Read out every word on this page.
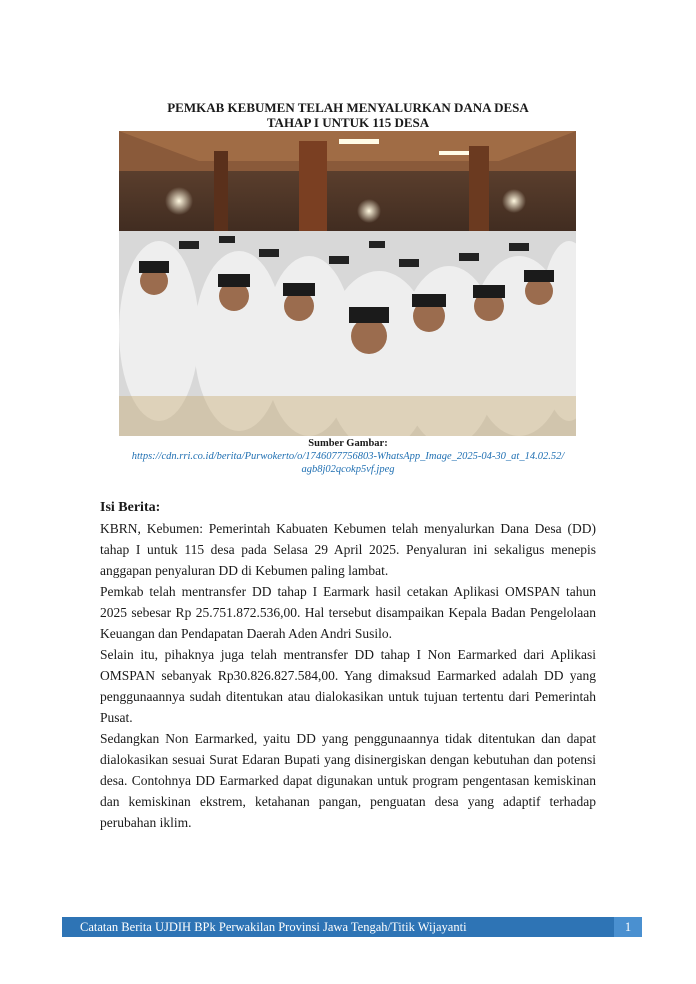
PEMKAB KEBUMEN TELAH MENYALURKAN DANA DESA
TAHAP I UNTUK 115 DESA
Sumber Gambar:
https://cdn.rri.co.id/berita/Purwokerto/o/1746077756803-WhatsApp_Image_2025-04-30_at_14.02.52/
agb8j02qcokp5vf.jpeg

Isi Berita:

KBRN, Kebumen: Pemerintah Kabuaten Kebumen telah menyalurkan Dana Desa (DD) tahap I untuk 115 desa pada Selasa 29 April 2025. Penyaluran ini sekaligus menepis anggapan penyaluran DD di Kebumen paling lambat.

Pemkab telah mentransfer DD tahap I Earmark hasil cetakan Aplikasi OMSPAN tahun 2025 sebesar Rp 25.751.872.536,00. Hal tersebut disampaikan Kepala Badan Pengelolaan Keuangan dan Pendapatan Daerah Aden Andri Susilo.

Selain itu, pihaknya juga telah mentransfer DD tahap I Non Earmarked dari Aplikasi OMSPAN sebanyak Rp30.826.827.584,00. Yang dimaksud Earmarked adalah DD yang penggunaannya sudah ditentukan atau dialokasikan untuk tujuan tertentu dari Pemerintah Pusat.

Sedangkan Non Earmarked, yaitu DD yang penggunaannya tidak ditentukan dan dapat dialokasikan sesuai Surat Edaran Bupati yang disinergiskan dengan kebutuhan dan potensi desa. Contohnya DD Earmarked dapat digunakan untuk program pengentasan kemiskinan dan kemiskinan ekstrem, ketahanan pangan, penguatan desa yang adaptif terhadap perubahan iklim.

Catatan Berita UJDIH BPk Perwakilan Provinsi Jawa Tengah/Titik Wijayanti	1
